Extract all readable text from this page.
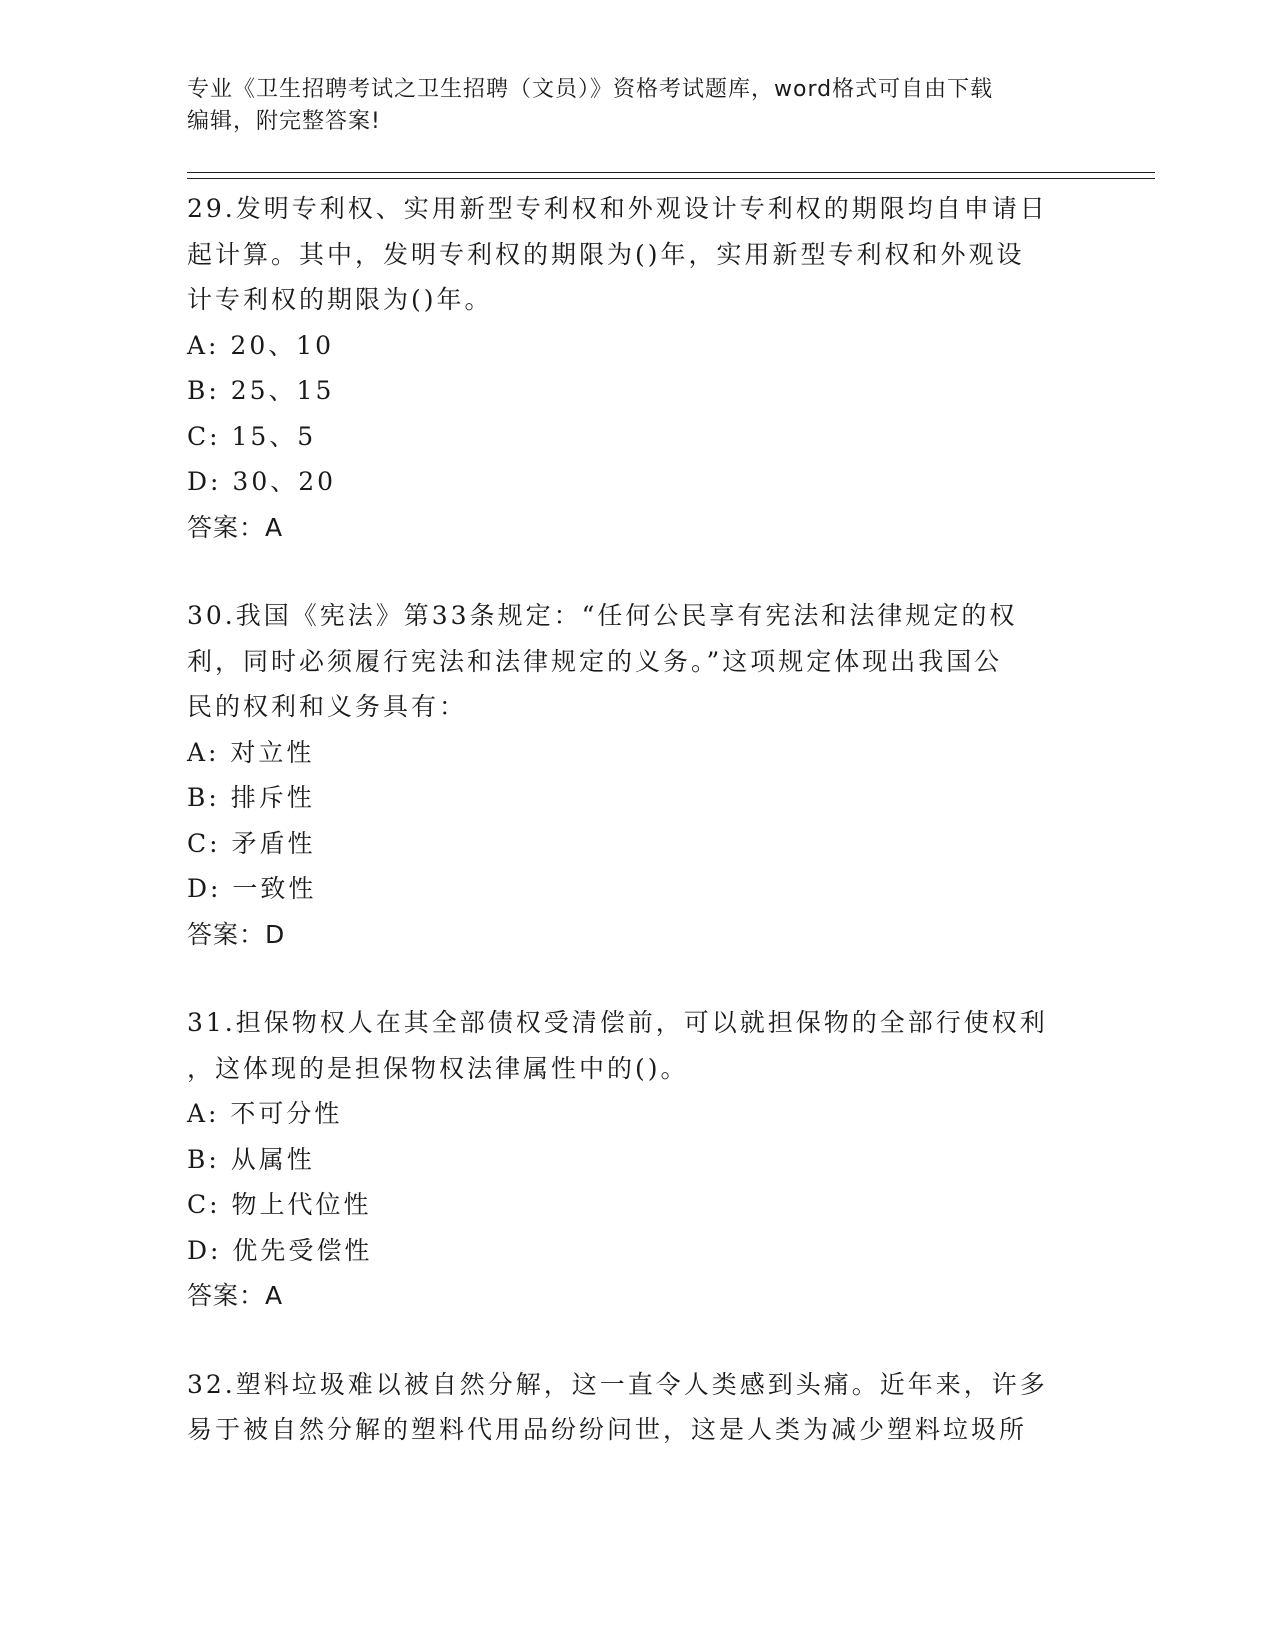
专业《卫生招聘考试之卫生招聘（文员）》资格考试题库，word格式可自由下载
编辑，附完整答案!
29.发明专利权、实用新型专利权和外观设计专利权的期限均自申请日
起计算。其中，发明专利权的期限为()年，实用新型专利权和外观设
计专利权的期限为()年。
A: 20、10
B: 25、15
C: 15、5
D: 30、20
答案：A
30.我国《宪法》第33条规定：“任何公民享有宪法和法律规定的权
利，同时必须履行宪法和法律规定的义务。”这项规定体现出我国公
民的权利和义务具有：
A: 对立性
B: 排斥性
C: 矛盾性
D: 一致性
答案：D
31.担保物权人在其全部债权受清偿前，可以就担保物的全部行使权利
，这体现的是担保物权法律属性中的()。
A: 不可分性
B: 从属性
C: 物上代位性
D: 优先受偿性
答案：A
32.塑料垃圾难以被自然分解，这一直令人类感到头痛。近年来，许多
易于被自然分解的塑料代用品纷纷问世，这是人类为减少塑料垃圾所
